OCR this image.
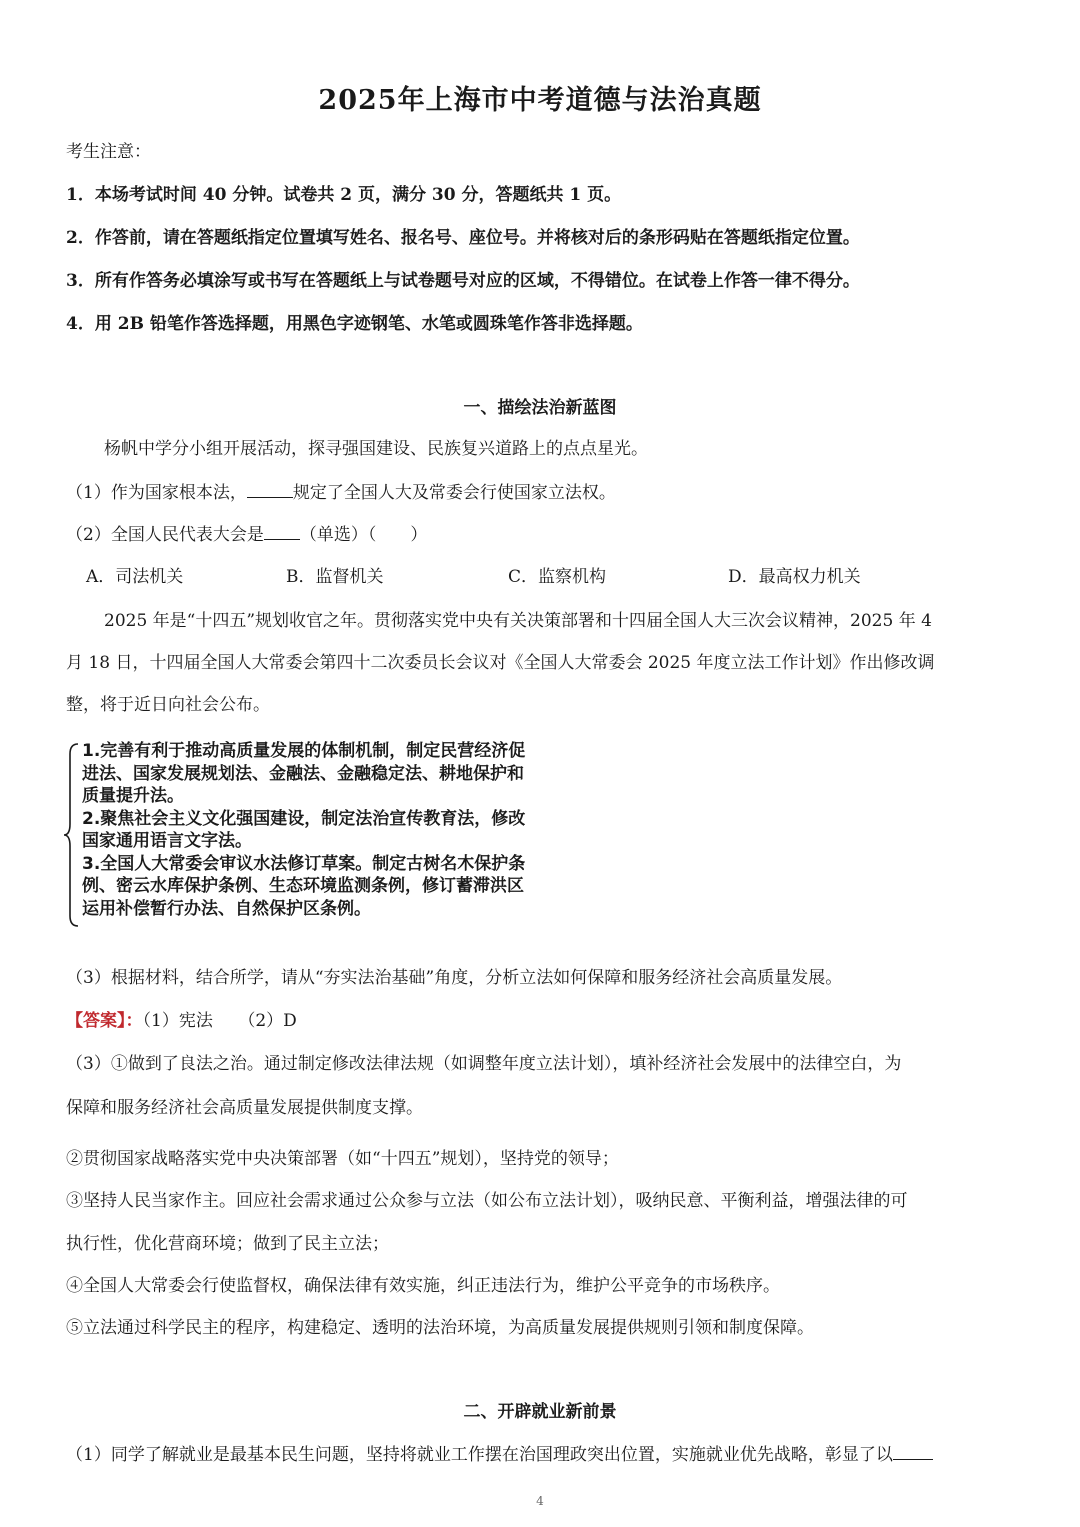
2025年上海市中考道德与法治真题
考生注意：
1．本场考试时间 40 分钟。试卷共 2 页，满分 30 分，答题纸共 1 页。
2．作答前，请在答题纸指定位置填写姓名、报名号、座位号。并将核对后的条形码贴在答题纸指定位置。
3．所有作答务必填涂写或书写在答题纸上与试卷题号对应的区域，不得错位。在试卷上作答一律不得分。
4．用 2B 铅笔作答选择题，用黑色字迹钢笔、水笔或圆珠笔作答非选择题。
一、描绘法治新蓝图
杨帆中学分小组开展活动，探寻强国建设、民族复兴道路上的点点星光。
（1）作为国家根本法，	规定了全国人大及常委会行使国家立法权。
（2）全国人民代表大会是 （单选）（　　）
A．司法机关	B．监督机关	C．监察机构	D．最高权力机关
2025 年是“十四五”规划收官之年。贯彻落实党中央有关决策部署和十四届全国人大三次会议精神，2025 年 4
月 18 日，十四届全国人大常委会第四十二次委员长会议对《全国人大常委会 2025 年度立法工作计划》作出修改调
整，将于近日向社会公布。
1.完善有利于推动高质量发展的体制机制，制定民营经济促
进法、国家发展规划法、金融法、金融稳定法、耕地保护和
质量提升法。
2.聚焦社会主义文化强国建设，制定法治宣传教育法，修改
国家通用语言文字法。
3.全国人大常委会审议水法修订草案。制定古树名木保护条
例、密云水库保护条例、生态环境监测条例，修订蓄滞洪区
运用补偿暂行办法、自然保护区条例。
（3）根据材料，结合所学，请从“夯实法治基础”角度，分析立法如何保障和服务经济社会高质量发展。
【答案】：（1）宪法　　（2）D
（3）①做到了良法之治。通过制定修改法律法规（如调整年度立法计划），填补经济社会发展中的法律空白，为
保障和服务经济社会高质量发展提供制度支撑。
②贯彻国家战略落实党中央决策部署（如“十四五”规划），坚持党的领导；
③坚持人民当家作主。回应社会需求通过公众参与立法（如公布立法计划），吸纳民意、平衡利益，增强法律的可
执行性，优化营商环境；做到了民主立法；
④全国人大常委会行使监督权，确保法律有效实施，纠正违法行为，维护公平竞争的市场秩序。
⑤立法通过科学民主的程序，构建稳定、透明的法治环境，为高质量发展提供规则引领和制度保障。
二、开辟就业新前景
（1）同学了解就业是最基本民生问题，坚持将就业工作摆在治国理政突出位置，实施就业优先战略，彰显了以
4
